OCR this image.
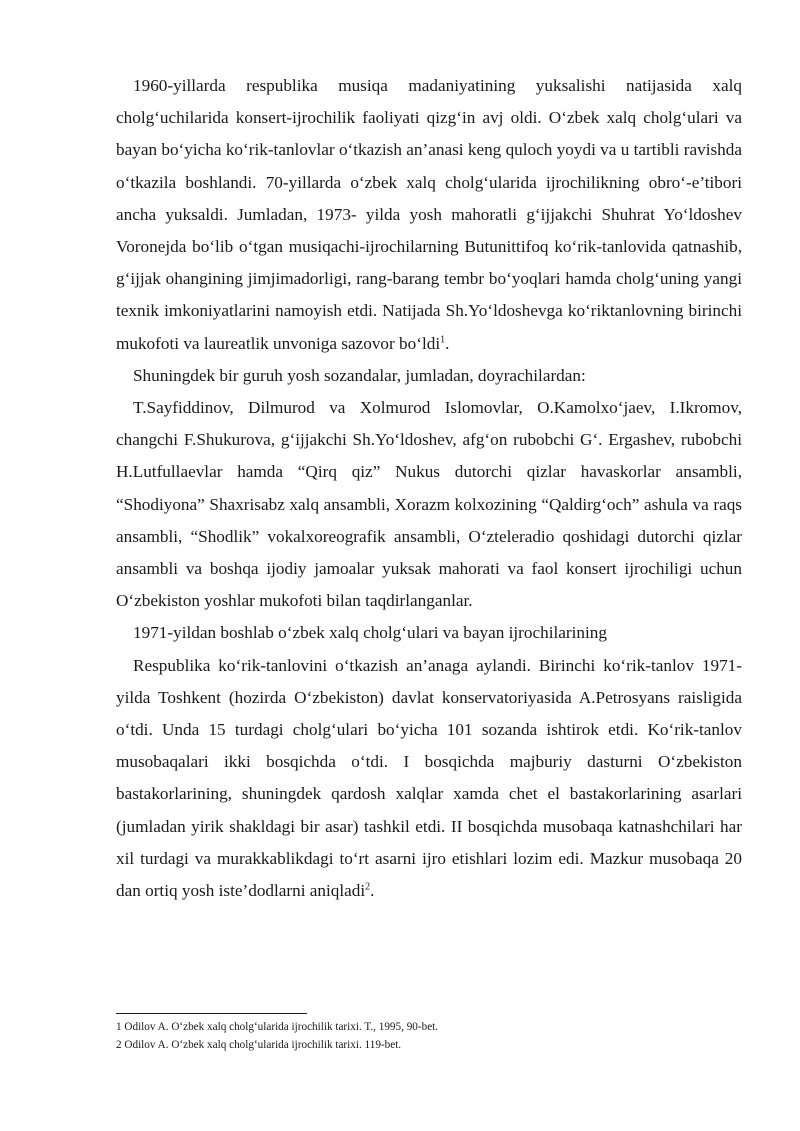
1960-yillarda respublika musiqa madaniyatining yuksalishi natijasida xalq cholg‘uchilarida konsert-ijrochilik faoliyati qizg‘in avj oldi. O‘zbek xalq cholg‘ulari va bayan bo‘yicha ko‘rik-tanlovlar o‘tkazish an’anasi keng quloch yoydi va u tartibli ravishda o‘tkazila boshlandi. 70-yillarda o‘zbek xalq cholg‘ularida ijrochilikning obro‘-e’tibori ancha yuksaldi. Jumladan, 1973- yilda yosh mahoratli g‘ijjakchi Shuhrat Yo‘ldoshev Voronejda bo‘lib o‘tgan musiqachi-ijrochilarning Butunittifoq ko‘rik-tanlovida qatnashib, g‘ijjak ohangining jimjimadorligi, rang-barang tembr bo‘yoqlari hamda cholg‘uning yangi texnik imkoniyatlarini namoyish etdi. Natijada Sh.Yo‘ldoshevga ko‘riktanlovning birinchi mukofoti va laureatlik unvoniga sazovor bo‘ldi$^1$.

Shuningdek bir guruh yosh sozandalar, jumladan, doyrachilardan:

T.Sayfiddinov, Dilmurod va Xolmurod Islomovlar, O.Kamolxo‘jaev, I.Ikromov, changchi F.Shukurova, g‘ijjakchi Sh.Yo‘ldoshev, afg‘on rubobchi G‘. Ergashev, rubobchi H.Lutfullaevlar hamda “Qirq qiz” Nukus dutorchi qizlar havaskorlar ansambli, “Shodiyona” Shaxrisabz xalq ansambli, Xorazm kolxozining “Qaldirg‘och” ashula va raqs ansambli, “Shodlik” vokalxoreografik ansambli, O‘zteleradio qoshidagi dutorchi qizlar ansambli va boshqa ijodiy jamoalar yuksak mahorati va faol konsert ijrochiligi uchun O‘zbekiston yoshlar mukofoti bilan taqdirlanganlar.

1971-yildan boshlab o‘zbek xalq cholg‘ulari va bayan ijrochilarining

Respublika ko‘rik-tanlovini o‘tkazish an’anaga aylandi. Birinchi ko‘rik-tanlov 1971-yilda Toshkent (hozirda O‘zbekiston) davlat konservatoriyasida A.Petrosyans raisligida o‘tdi. Unda 15 turdagi cholg‘ulari bo‘yicha 101 sozanda ishtirok etdi. Ko‘rik-tanlov musobaqalari ikki bosqichda o‘tdi. I bosqichda majburiy dasturni O‘zbekiston bastakorlarining, shuningdek qardosh xalqlar xamda chet el bastakorlarining asarlari (jumladan yirik shakldagi bir asar) tashkil etdi. II bosqichda musobaqa katnashchilari har xil turdagi va murakkablikdagi to‘rt asarni ijro etishlari lozim edi. Mazkur musobaqa 20 dan ortiq yosh iste’dodlarni aniqladi$^2$.

1 Odilov A. O‘zbek xalq cholg‘ularida ijrochilik tarixi. T., 1995, 90-bet.

2 Odilov A. O‘zbek xalq cholg‘ularida ijrochilik tarixi. 119-bet.
